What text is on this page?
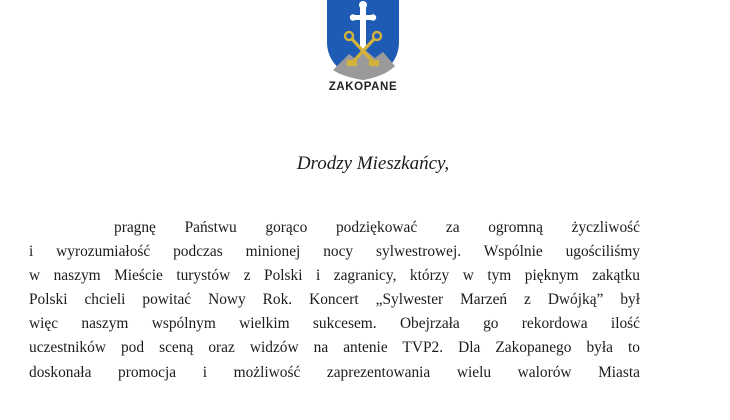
ZAKOPANE
Drodzy Mieszkańcy,
pragnę Państwu gorąco podziękować za ogromną życzliwość
i wyrozumiałość podczas minionej nocy sylwestrowej. Wspólnie ugościliśmy
w naszym Mieście turystów z Polski i zagranicy, którzy w tym pięknym zakątku
Polski chcieli powitać Nowy Rok. Koncert „Sylwester Marzeń z Dwójką” był
więc naszym wspólnym wielkim sukcesem. Obejrzała go rekordowa ilość
uczestników pod sceną oraz widzów na antenie TVP2. Dla Zakopanego była to
doskonała promocja i możliwość zaprezentowania wielu walorów Miasta
